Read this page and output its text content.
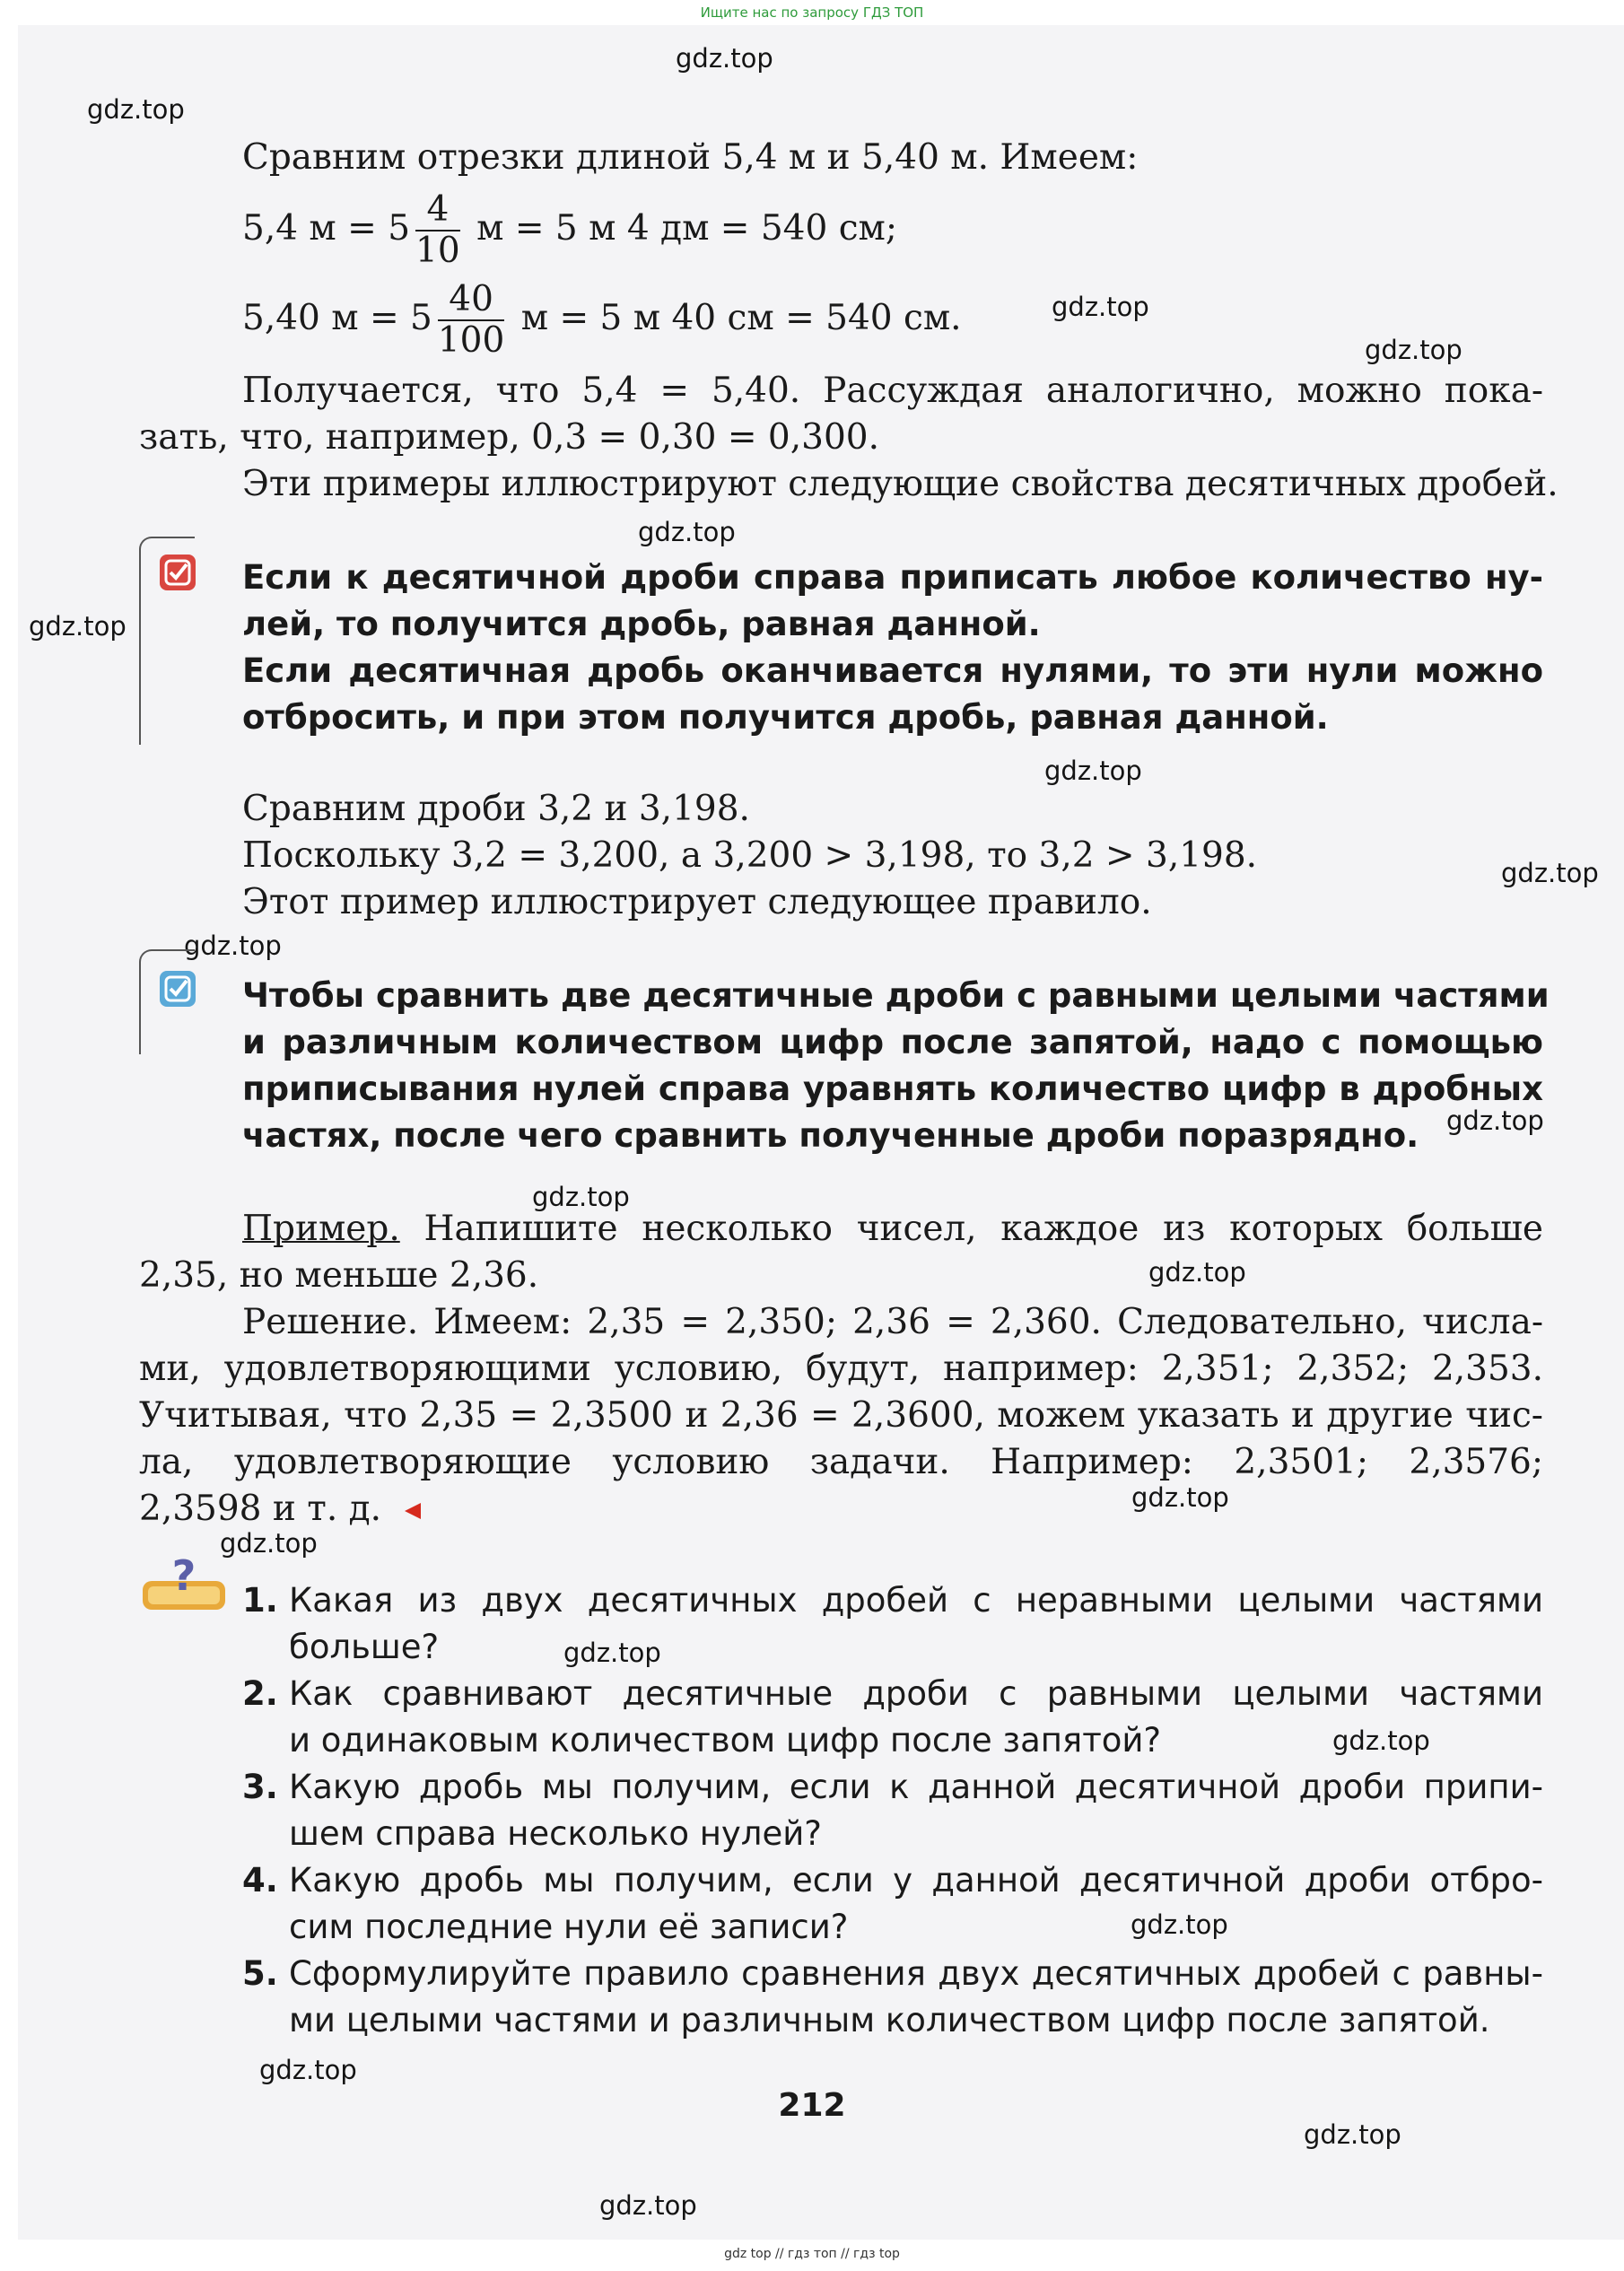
Ищите нас по запросу ГДЗ ТОП
gdz.top
gdz.top
gdz.top
gdz.top
gdz.top
gdz.top
gdz.top
gdz.top
gdz.top
gdz.top
gdz.top
gdz.top
gdz.top
gdz.top
gdz.top
gdz.top
gdz.top
gdz.top
gdz.top
gdz.top
Сравним отрезки длиной 5,4 м и 5,40 м. Имеем:
5,4 $м = 5 \frac{4}{10}$ м = 5 м 4 дм = 540 см;
5,40 $м = 5 \frac{40}{100}$ м = 5 м 40 см = 540 см.
Получается, что 5,4 = 5,40. Рассуждая аналогично, можно пока-
зать, что, например, 0,3 = 0,30 = 0,300.
Эти примеры иллюстрируют следующие свойства десятичных дробей.
Если к десятичной дроби справа приписать любое количество ну-
лей, то получится дробь, равная данной.
Если десятичная дробь оканчивается нулями, то эти нули можно
отбросить, и при этом получится дробь, равная данной.
Сравним дроби 3,2 и 3,198.
Поскольку 3,2 = 3,200, а 3,200 > 3,198, то 3,2 > 3,198.
Этот пример иллюстрирует следующее правило.
Чтобы сравнить две десятичные дроби с равными целыми частями
и различным количеством цифр после запятой, надо с помощью
приписывания нулей справа уравнять количество цифр в дробных
частях, после чего сравнить полученные дроби поразрядно.
Пример. Напишите несколько чисел, каждое из которых больше
2,35, но меньше 2,36.
Решение. Имеем: 2,35 = 2,350; 2,36 = 2,360. Следовательно, числа-
ми, удовлетворяющими условию, будут, например: 2,351; 2,352; 2,353.
Учитывая, что 2,35 = 2,3500 и 2,36 = 2,3600, можем указать и другие чис-
ла, удовлетворяющие условию задачи. Например: 2,3501; 2,3576;
2,3598 и т. д.
?
1. Какая из двух десятичных дробей с неравными целыми частями
больше?
2. Как сравнивают десятичные дроби с равными целыми частями
и одинаковым количеством цифр после запятой?
3. Какую дробь мы получим, если к данной десятичной дроби припи-
шем справа несколько нулей?
4. Какую дробь мы получим, если у данной десятичной дроби отбро-
сим последние нули её записи?
5. Сформулируйте правило сравнения двух десятичных дробей с равны-
ми целыми частями и различным количеством цифр после запятой.
212
gdz top // гдз топ // гдз top
